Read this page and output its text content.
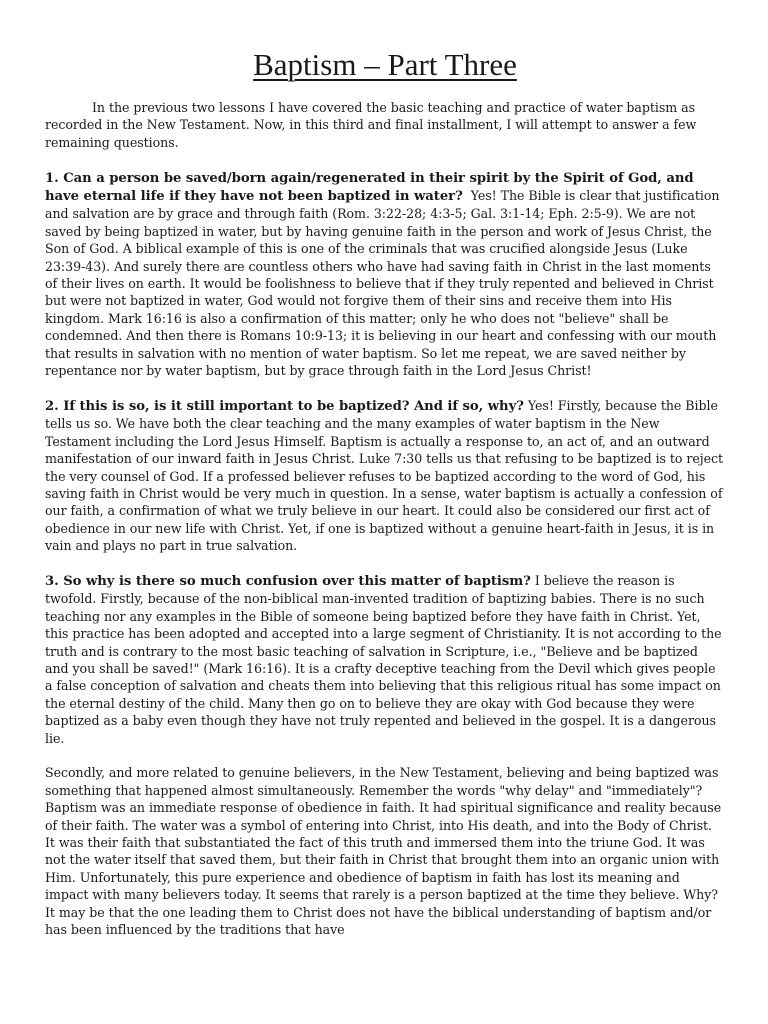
Baptism – Part Three

In the previous two lessons I have covered the basic teaching and practice of water baptism as recorded in the New Testament. Now, in this third and final installment, I will attempt to answer a few remaining questions.

1. Can a person be saved/born again/regenerated in their spirit by the Spirit of God, and have eternal life if they have not been baptized in water? Yes! The Bible is clear that justification and salvation are by grace and through faith (Rom. 3:22-28; 4:3-5; Gal. 3:1-14; Eph. 2:5-9). We are not saved by being baptized in water, but by having genuine faith in the person and work of Jesus Christ, the Son of God. A biblical example of this is one of the criminals that was crucified alongside Jesus (Luke 23:39-43). And surely there are countless others who have had saving faith in Christ in the last moments of their lives on earth. It would be foolishness to believe that if they truly repented and believed in Christ but were not baptized in water, God would not forgive them of their sins and receive them into His kingdom. Mark 16:16 is also a confirmation of this matter; only he who does not "believe" shall be condemned. And then there is Romans 10:9-13; it is believing in our heart and confessing with our mouth that results in salvation with no mention of water baptism. So let me repeat, we are saved neither by repentance nor by water baptism, but by grace through faith in the Lord Jesus Christ!

2. If this is so, is it still important to be baptized? And if so, why? Yes! Firstly, because the Bible tells us so. We have both the clear teaching and the many examples of water baptism in the New Testament including the Lord Jesus Himself. Baptism is actually a response to, an act of, and an outward manifestation of our inward faith in Jesus Christ. Luke 7:30 tells us that refusing to be baptized is to reject the very counsel of God. If a professed believer refuses to be baptized according to the word of God, his saving faith in Christ would be very much in question. In a sense, water baptism is actually a confession of our faith, a confirmation of what we truly believe in our heart. It could also be considered our first act of obedience in our new life with Christ. Yet, if one is baptized without a genuine heart-faith in Jesus, it is in vain and plays no part in true salvation.

3. So why is there so much confusion over this matter of baptism? I believe the reason is twofold. Firstly, because of the non-biblical man-invented tradition of baptizing babies. There is no such teaching nor any examples in the Bible of someone being baptized before they have faith in Christ. Yet, this practice has been adopted and accepted into a large segment of Christianity. It is not according to the truth and is contrary to the most basic teaching of salvation in Scripture, i.e., "Believe and be baptized and you shall be saved!" (Mark 16:16). It is a crafty deceptive teaching from the Devil which gives people a false conception of salvation and cheats them into believing that this religious ritual has some impact on the eternal destiny of the child. Many then go on to believe they are okay with God because they were baptized as a baby even though they have not truly repented and believed in the gospel. It is a dangerous lie.

Secondly, and more related to genuine believers, in the New Testament, believing and being baptized was something that happened almost simultaneously. Remember the words "why delay" and "immediately"? Baptism was an immediate response of obedience in faith. It had spiritual significance and reality because of their faith. The water was a symbol of entering into Christ, into His death, and into the Body of Christ. It was their faith that substantiated the fact of this truth and immersed them into the triune God. It was not the water itself that saved them, but their faith in Christ that brought them into an organic union with Him. Unfortunately, this pure experience and obedience of baptism in faith has lost its meaning and impact with many believers today. It seems that rarely is a person baptized at the time they believe. Why? It may be that the one leading them to Christ does not have the biblical understanding of baptism and/or has been influenced by the traditions that have
